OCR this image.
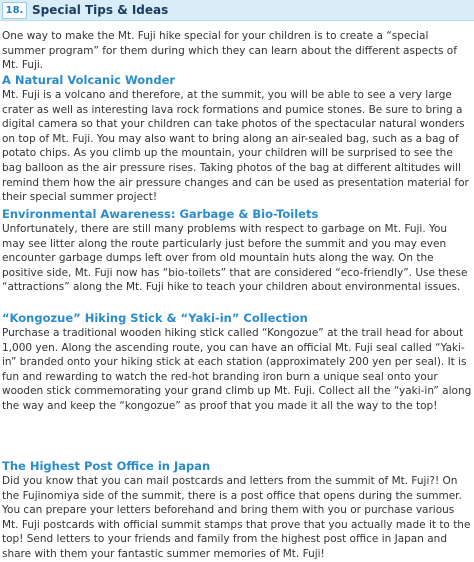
18. Special Tips & Ideas

One way to make the Mt. Fuji hike special for your children is to create a “special summer program” for them during which they can learn about the different aspects of Mt. Fuji.

A Natural Volcanic Wonder

Mt. Fuji is a volcano and therefore, at the summit, you will be able to see a very large crater as well as interesting lava rock formations and pumice stones. Be sure to bring a digital camera so that your children can take photos of the spectacular natural wonders on top of Mt. Fuji. You may also want to bring along an air-sealed bag, such as a bag of potato chips. As you climb up the mountain, your children will be surprised to see the bag balloon as the air pressure rises. Taking photos of the bag at different altitudes will remind them how the air pressure changes and can be used as presentation material for their special summer project!

Environmental Awareness: Garbage & Bio-Toilets

Unfortunately, there are still many problems with respect to garbage on Mt. Fuji. You may see litter along the route particularly just before the summit and you may even encounter garbage dumps left over from old mountain huts along the way. On the positive side, Mt. Fuji now has “bio-toilets” that are considered “eco-friendly”. Use these “attractions” along the Mt. Fuji hike to teach your children about environmental issues.

“Kongozue” Hiking Stick & “Yaki-in” Collection

Purchase a traditional wooden hiking stick called “Kongozue” at the trail head for about 1,000 yen. Along the ascending route, you can have an official Mt. Fuji seal called “Yaki-in” branded onto your hiking stick at each station (approximately 200 yen per seal). It is fun and rewarding to watch the red-hot branding iron burn a unique seal onto your wooden stick commemorating your grand climb up Mt. Fuji. Collect all the “yaki-in” along the way and keep the “kongozue” as proof that you made it all the way to the top!

The Highest Post Office in Japan

Did you know that you can mail postcards and letters from the summit of Mt. Fuji?! On the Fujinomiya side of the summit, there is a post office that opens during the summer. You can prepare your letters beforehand and bring them with you or purchase various Mt. Fuji postcards with official summit stamps that prove that you actually made it to the top! Send letters to your friends and family from the highest post office in Japan and share with them your fantastic summer memories of Mt. Fuji!
